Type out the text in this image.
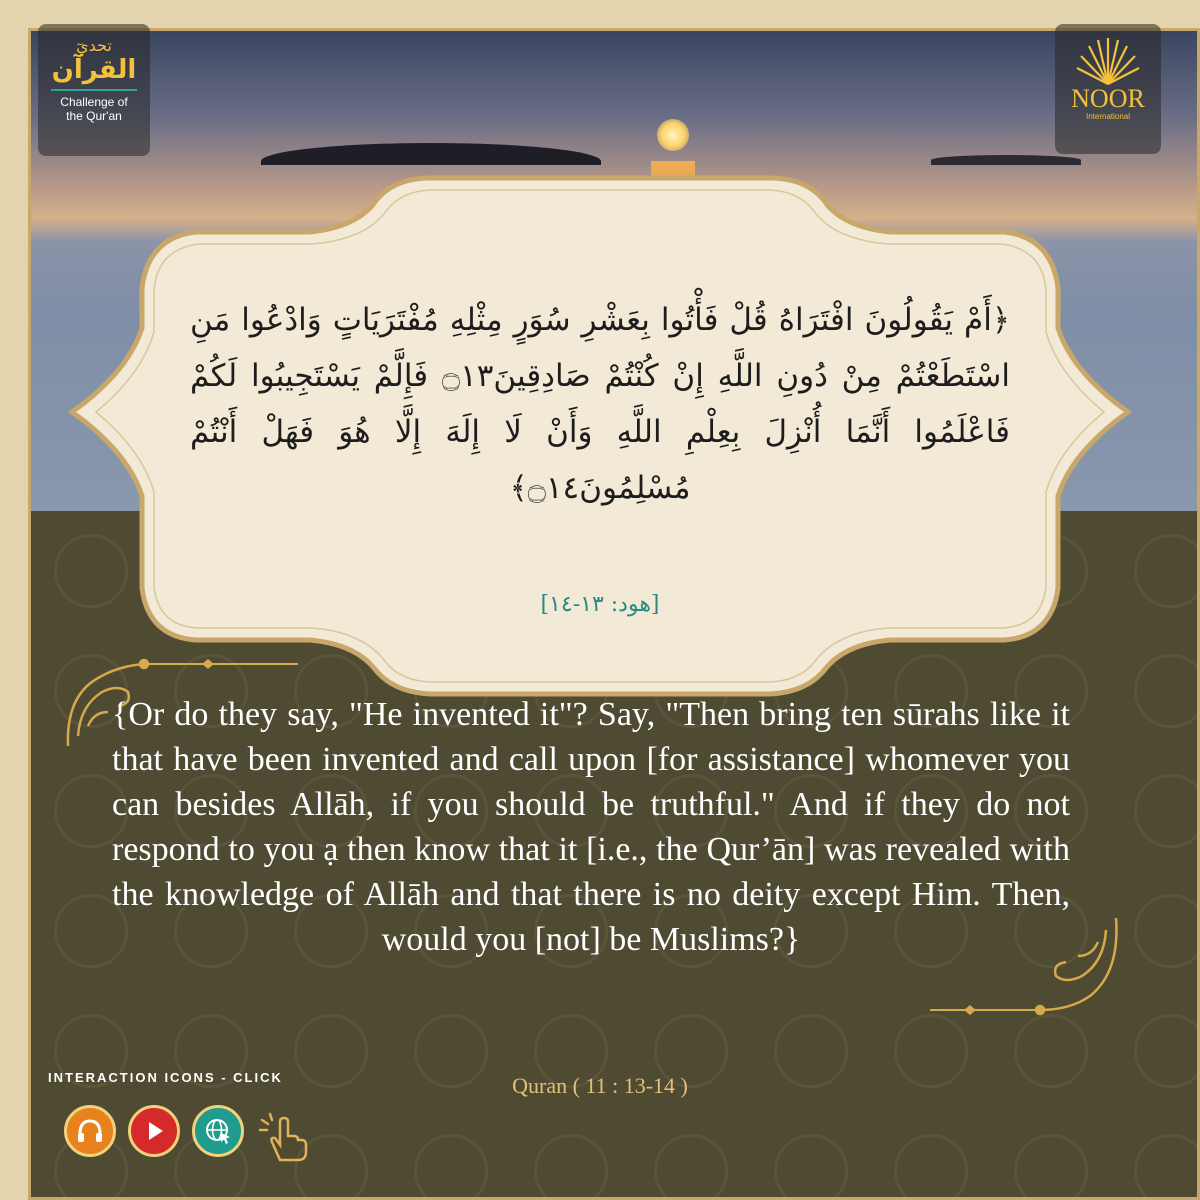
تحديٓ
القرآن
Challenge of
the Qur'an
NOOR
International
﴿أَمْ يَقُولُونَ افْتَرَاهُ قُلْ فَأْتُوا بِعَشْرِ سُوَرٍ مِثْلِهِ مُفْتَرَيَاتٍ وَادْعُوا مَنِ اسْتَطَعْتُمْ مِنْ دُونِ اللَّهِ إِنْ كُنْتُمْ صَادِقِينَ۝١٣ فَإِلَّمْ يَسْتَجِيبُوا لَكُمْ فَاعْلَمُوا أَنَّمَا أُنْزِلَ بِعِلْمِ اللَّهِ وَأَنْ لَا إِلَهَ إِلَّا هُوَ فَهَلْ أَنْتُمْ مُسْلِمُونَ۝١٤﴾
[هود: ١٣-١٤]
{Or do they say, "He invented it"? Say, "Then bring ten sūrahs like it that have been invented and call upon [for assistance] whomever you can besides Allāh, if you should be truthful." And if they do not respond to you ạ then know that it [i.e., the Qur’ān] was revealed with the knowledge of Allāh and that there is no deity except Him. Then, would you [not] be Muslims?}
INTERACTION ICONS - CLICK	Quran ( 11 : 13-14 )
